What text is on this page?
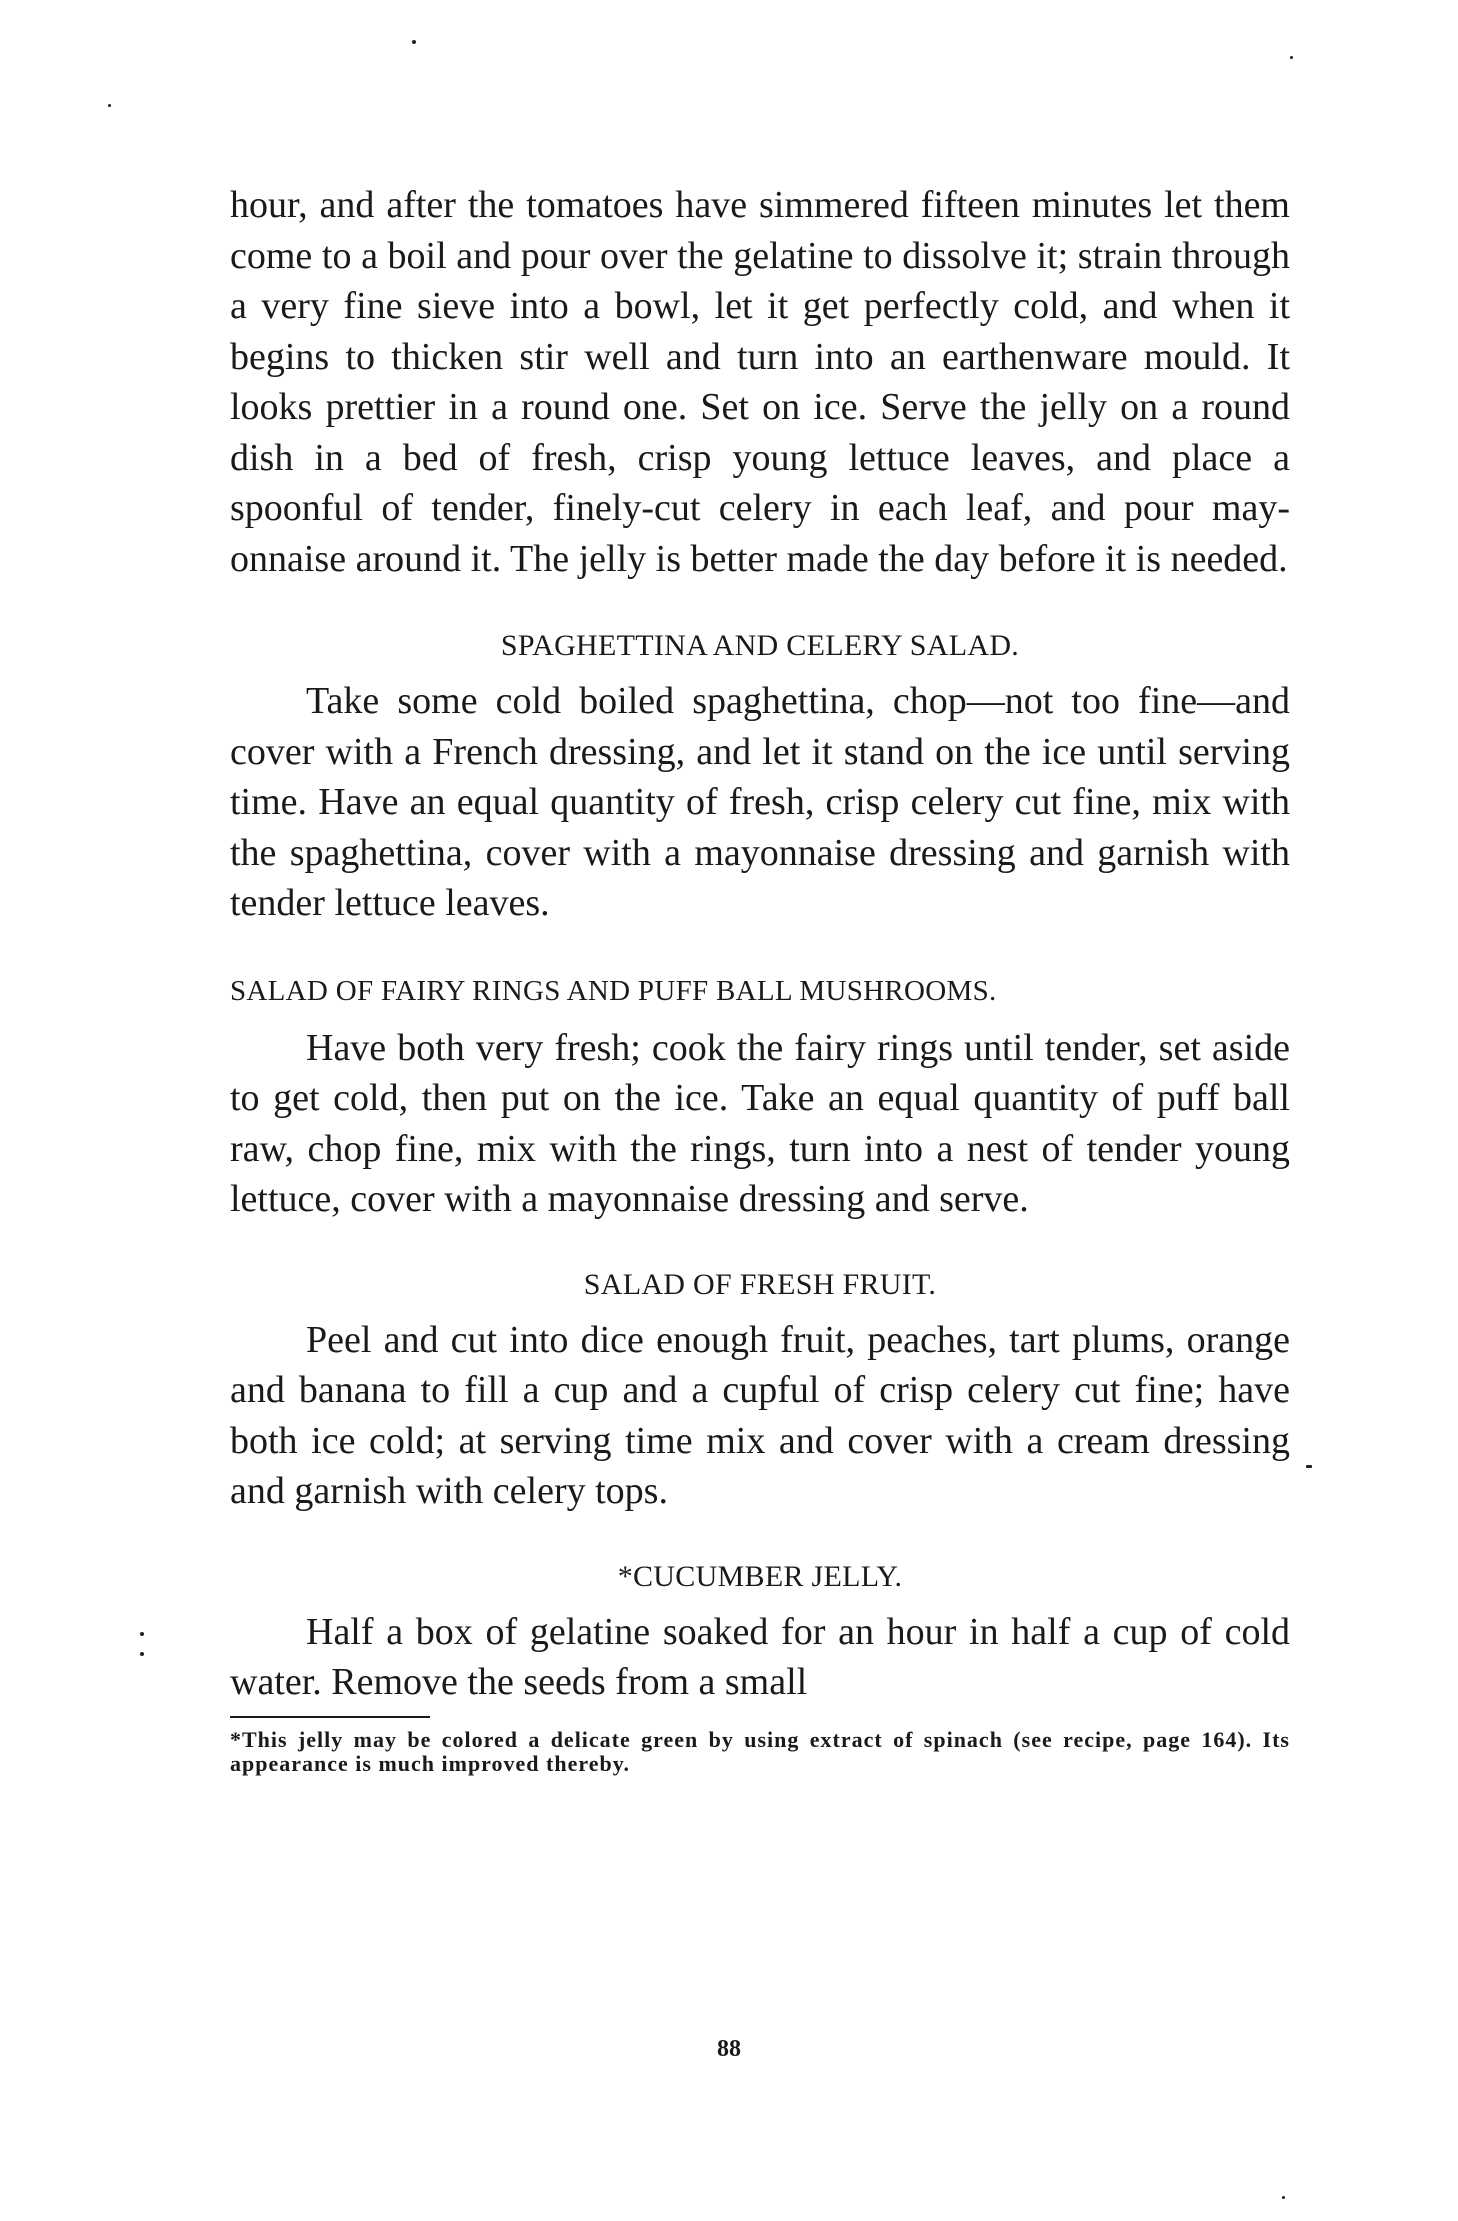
hour, and after the tomatoes have simmered fifteen minutes let them come to a boil and pour over the gelatine to dissolve it; strain through a very fine sieve into a bowl, let it get perfectly cold, and when it begins to thicken stir well and turn into an earthenware mould. It looks prettier in a round one. Set on ice. Serve the jelly on a round dish in a bed of fresh, crisp young lettuce leaves, and place a spoonful of tender, finely-cut celery in each leaf, and pour mayonnaise around it. The jelly is better made the day before it is needed.

SPAGHETTINA AND CELERY SALAD.

Take some cold boiled spaghettina, chop—not too fine—and cover with a French dressing, and let it stand on the ice until serving time. Have an equal quantity of fresh, crisp celery cut fine, mix with the spaghettina, cover with a mayonnaise dressing and garnish with tender lettuce leaves.

SALAD OF FAIRY RINGS AND PUFF BALL MUSHROOMS.

Have both very fresh; cook the fairy rings until tender, set aside to get cold, then put on the ice. Take an equal quantity of puff ball raw, chop fine, mix with the rings, turn into a nest of tender young lettuce, cover with a mayonnaise dressing and serve.

SALAD OF FRESH FRUIT.

Peel and cut into dice enough fruit, peaches, tart plums, orange and banana to fill a cup and a cupful of crisp celery cut fine; have both ice cold; at serving time mix and cover with a cream dressing and garnish with celery tops.

*CUCUMBER JELLY.

Half a box of gelatine soaked for an hour in half a cup of cold water. Remove the seeds from a small

*This jelly may be colored a delicate green by using extract of spinach (see recipe, page 164). Its appearance is much improved thereby.
88
